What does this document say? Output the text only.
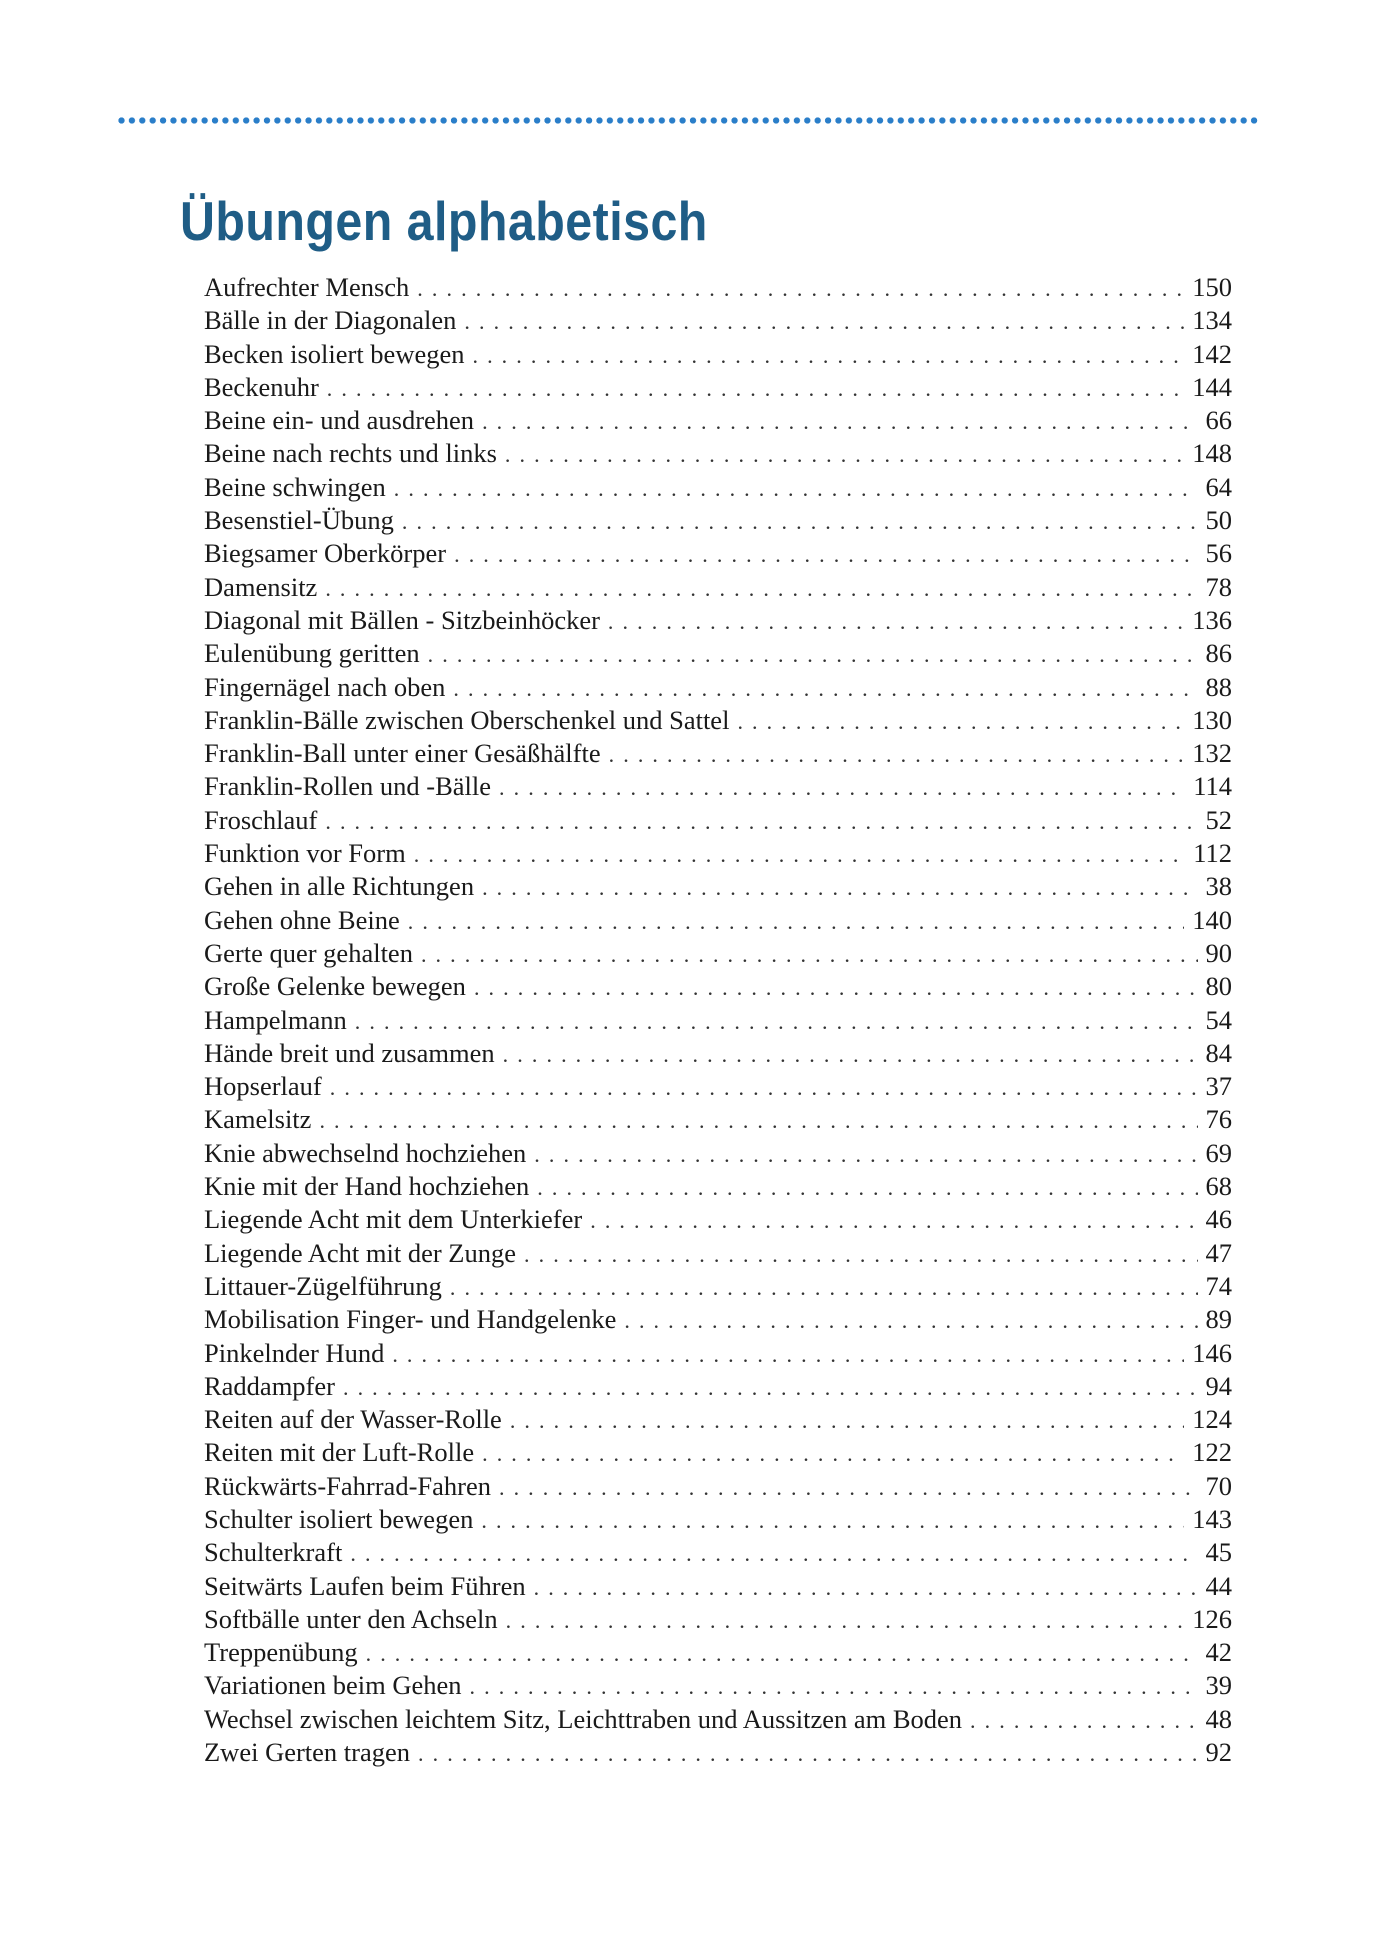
Übungen alphabetisch
Aufrechter Mensch . . .	150
Bälle in der Diagonalen . . .	134
Becken isoliert bewegen . . .	142
Beckenuhr . . .	144
Beine ein- und ausdrehen . . .	66
Beine nach rechts und links . . .	148
Beine schwingen . . .	64
Besenstiel-Übung . . .	50
Biegsamer Oberkörper . . .	56
Damensitz . . .	78
Diagonal mit Bällen - Sitzbeinhöcker . . .	136
Eulenübung geritten . . .	86
Fingernägel nach oben . . .	88
Franklin-Bälle zwischen Oberschenkel und Sattel . . .	130
Franklin-Ball unter einer Gesäßhälfte . . .	132
Franklin-Rollen und -Bälle . . .	114
Froschlauf . . .	52
Funktion vor Form . . .	112
Gehen in alle Richtungen . . .	38
Gehen ohne Beine . . .	140
Gerte quer gehalten . . .	90
Große Gelenke bewegen . . .	80
Hampelmann . . .	54
Hände breit und zusammen . . .	84
Hopserlauf . . .	37
Kamelsitz . . .	76
Knie abwechselnd hochziehen . . .	69
Knie mit der Hand hochziehen . . .	68
Liegende Acht mit dem Unterkiefer . . .	46
Liegende Acht mit der Zunge . . .	47
Littauer-Zügelführung . . .	74
Mobilisation Finger- und Handgelenke . . .	89
Pinkelnder Hund . . .	146
Raddampfer . . .	94
Reiten auf der Wasser-Rolle . . .	124
Reiten mit der Luft-Rolle . . .	122
Rückwärts-Fahrrad-Fahren . . .	70
Schulter isoliert bewegen . . .	143
Schulterkraft . . .	45
Seitwärts Laufen beim Führen . . .	44
Softbälle unter den Achseln . . .	126
Treppenübung . . .	42
Variationen beim Gehen . . .	39
Wechsel zwischen leichtem Sitz, Leichttraben und Aussitzen am Boden . . .	48
Zwei Gerten tragen . . .	92
